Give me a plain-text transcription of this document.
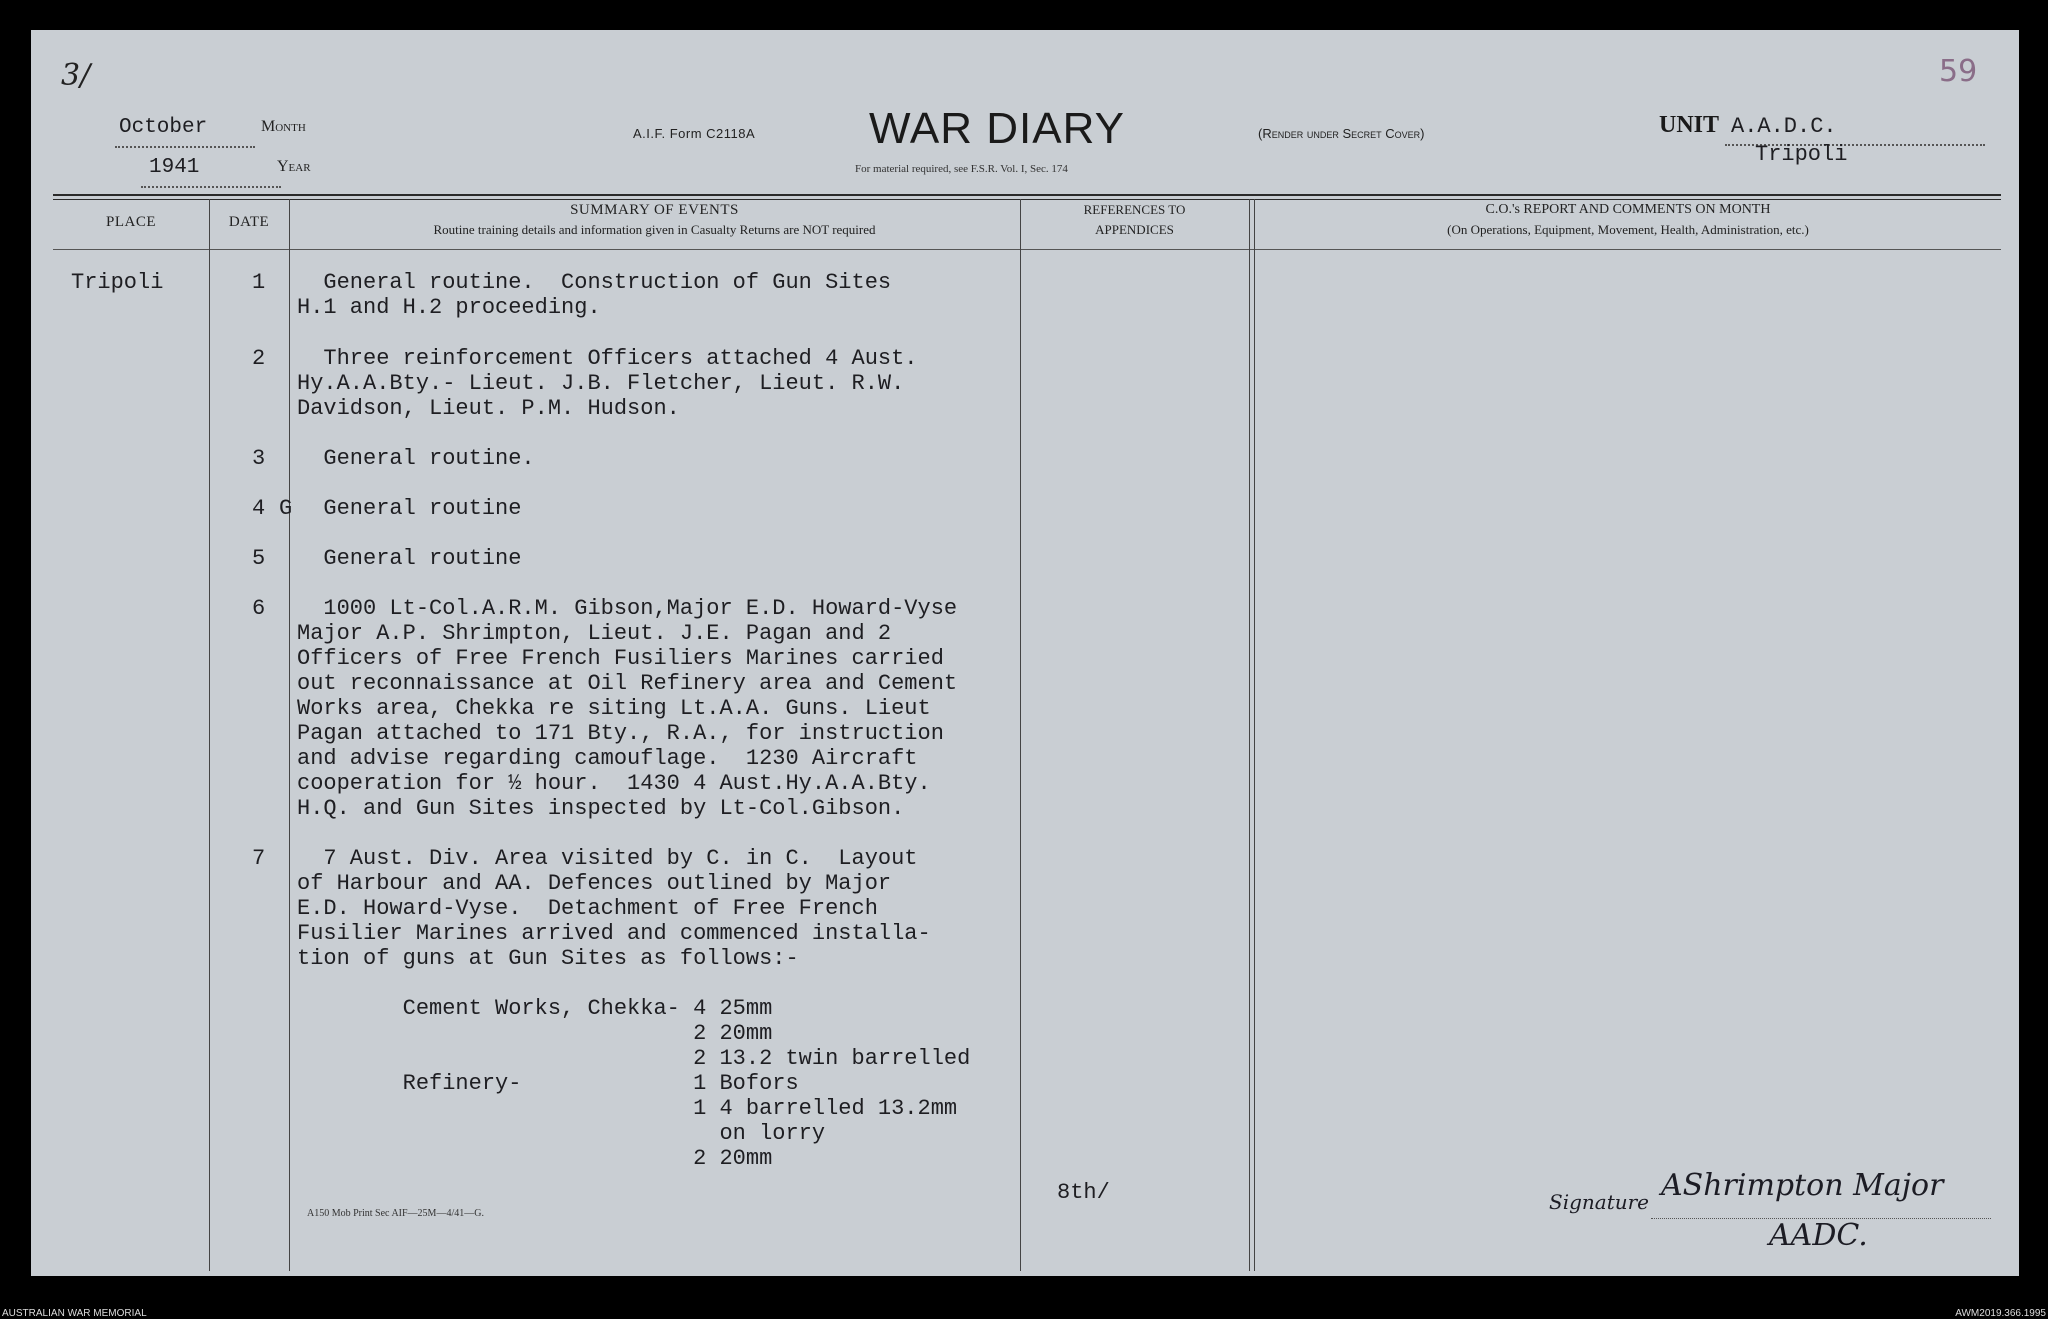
3/
October	Month
1941	Year
A.I.F. Form C2118A	WAR DIARY
For material required, see F.S.R. Vol. I, Sec. 174
(Render under Secret Cover)	UNIT A.A.D.C.
Tripoli
59
PLACE	DATE
SUMMARY OF EVENTS
Routine training details and information given in Casualty Returns are NOT required
REFERENCES TO
APPENDICES
C.O.'s REPORT AND COMMENTS ON MONTH
(On Operations, Equipment, Movement, Health, Administration, etc.)
Tripoli	1 General routine.  Construction of Gun Sites
H.1 and H.2 proceeding.
2 Three reinforcement Officers attached 4 Aust.
Hy.A.A.Bty.- Lieut. J.B. Fletcher, Lieut. R.W.
Davidson, Lieut. P.M. Hudson.
3 General routine.
4 G General routine
5 General routine
6 1000 Lt-Col.A.R.M. Gibson,Major E.D. Howard-Vyse
Major A.P. Shrimpton, Lieut. J.E. Pagan and 2
Officers of Free French Fusiliers Marines carried
out reconnaissance at Oil Refinery area and Cement
Works area, Chekka re siting Lt.A.A. Guns. Lieut
Pagan attached to 171 Bty., R.A., for instruction
and advise regarding camouflage.  1230 Aircraft
cooperation for ½ hour.  1430 4 Aust.Hy.A.A.Bty.
H.Q. and Gun Sites inspected by Lt-Col.Gibson.
7 7 Aust. Div. Area visited by C. in C.  Layout
of Harbour and AA. Defences outlined by Major
E.D. Howard-Vyse.  Detachment of Free French
Fusilier Marines arrived and commenced installa-
tion of guns at Gun Sites as follows:-
Cement Works, Chekka- 4 25mm
2 20mm
2 13.2 twin barrelled
Refinery-             1 Bofors
1 4 barrelled 13.2mm
on lorry
2 20mm
8th/
A150 Mob Print Sec AIF—25M—4/41—G.	Signature AShrimpton Major
AADC.
AUSTRALIAN WAR MEMORIAL	AWM2019.366.1995
